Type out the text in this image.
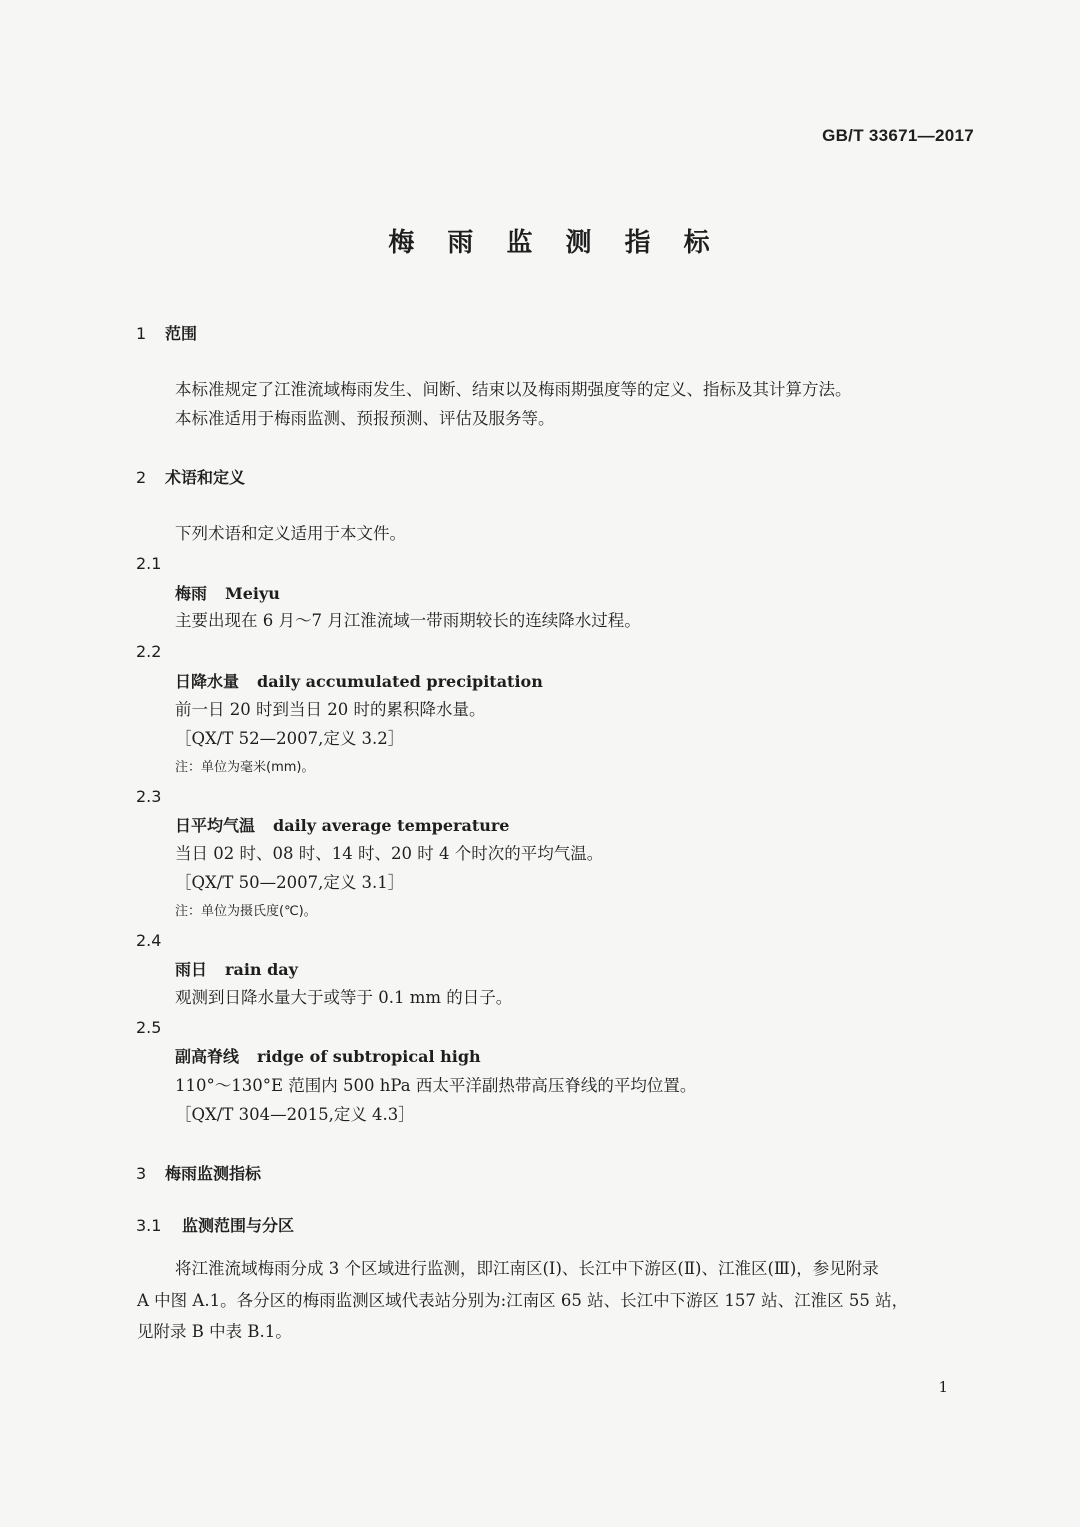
GB/T 33671—2017
梅 雨 监 测 指 标
1 范围
本标准规定了江淮流域梅雨发生、间断、结束以及梅雨期强度等的定义、指标及其计算方法。
本标准适用于梅雨监测、预报预测、评估及服务等。
2 术语和定义
下列术语和定义适用于本文件。
2.1
梅雨 Meiyu
主要出现在 6 月～7 月江淮流域一带雨期较长的连续降水过程。
2.2
日降水量 daily accumulated precipitation
前一日 20 时到当日 20 时的累积降水量。
［QX/T 52—2007,定义 3.2］
注：单位为毫米(mm)。
2.3
日平均气温 daily average temperature
当日 02 时、08 时、14 时、20 时 4 个时次的平均气温。
［QX/T 50—2007,定义 3.1］
注：单位为摄氏度(℃)。
2.4
雨日 rain day
观测到日降水量大于或等于 0.1 mm 的日子。
2.5
副高脊线 ridge of subtropical high
110°～130°E 范围内 500 hPa 西太平洋副热带高压脊线的平均位置。
［QX/T 304—2015,定义 4.3］
3 梅雨监测指标
3.1 监测范围与分区
将江淮流域梅雨分成 3 个区域进行监测，即江南区(Ⅰ)、长江中下游区(Ⅱ)、江淮区(Ⅲ)，参见附录
A 中图 A.1。各分区的梅雨监测区域代表站分别为:江南区 65 站、长江中下游区 157 站、江淮区 55 站，
见附录 B 中表 B.1。
1
